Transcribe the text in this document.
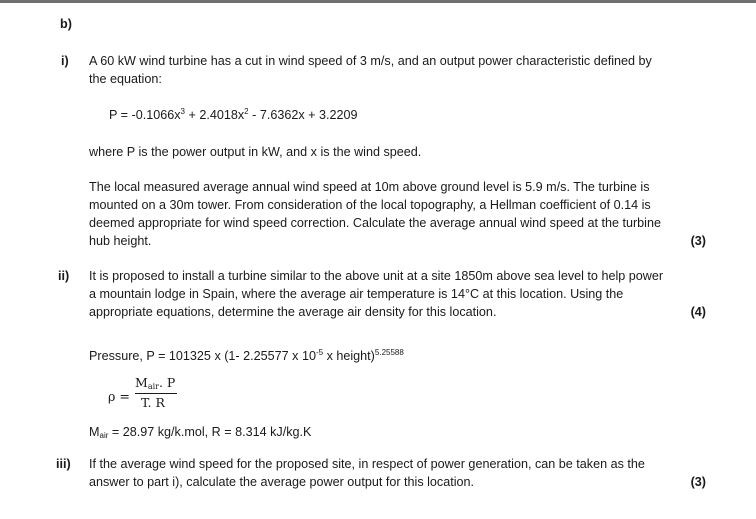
b)
i) A 60 kW wind turbine has a cut in wind speed of 3 m/s, and an output power characteristic defined by
the equation:
$P = -0.1066x^3 + 2.4018x^2 - 7.6362x + 3.2209$
where P is the power output in kW, and x is the wind speed.
The local measured average annual wind speed at 10m above ground level is 5.9 m/s. The turbine is
mounted on a 30m tower. From consideration of the local topography, a Hellman coefficient of 0.14 is
deemed appropriate for wind speed correction. Calculate the average annual wind speed at the turbine
hub height.	(3)
ii) It is proposed to install a turbine similar to the above unit at a site 1850m above sea level to help power
a mountain lodge in Spain, where the average air temperature is 14°C at this location. Using the
appropriate equations, determine the average air density for this location.	(4)
Pressure, P = 101325 x (1- 2.25577 x $10^{-5}$ x height)$^{5.25588}$
ρ =
$M_{air}$. P
T. R
$M_{air} = 28.97$ kg/k.mol, R = 8.314 kJ/kg.K
iii) If the average wind speed for the proposed site, in respect of power generation, can be taken as the
answer to part i), calculate the average power output for this location.	(3)
